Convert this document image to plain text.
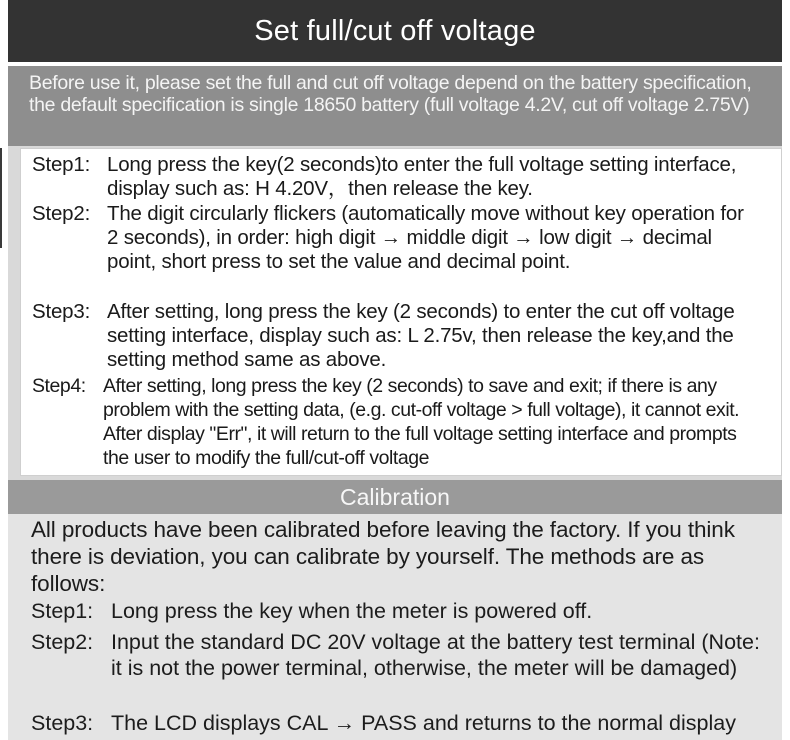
Set full/cut off voltage
Before use it, please set the full and cut off voltage depend on the battery specification, the default specification is single 18650 battery (full voltage 4.2V, cut off voltage 2.75V)
Step1: Long press the key(2 seconds)to enter the full voltage setting interface, display such as: H 4.20V，then release the key.
Step2: The digit circularly flickers (automatically move without key operation for 2 seconds), in order: high digit → middle digit → low digit → decimal point, short press to set the value and decimal point.
Step3: After setting, long press the key (2 seconds) to enter the cut off voltage setting interface, display such as: L 2.75v, then release the key,and the setting method same as above.
Step4: After setting, long press the key (2 seconds) to save and exit; if there is any problem with the setting data, (e.g. cut-off voltage > full voltage), it cannot exit. After display "Err", it will return to the full voltage setting interface and prompts the user to modify the full/cut-off voltage
Calibration
All products have been calibrated before leaving the factory. If you think there is deviation, you can calibrate by yourself. The methods are as follows:
Step1: Long press the key when the meter is powered off.
Step2: Input the standard DC 20V voltage at the battery test terminal (Note: it is not the power terminal, otherwise, the meter will be damaged)
Step3: The LCD displays CAL → PASS and returns to the normal display
